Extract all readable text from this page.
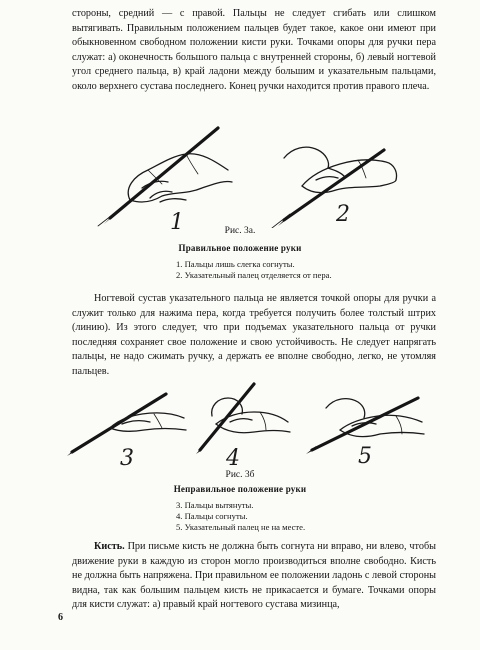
стороны, средний — с правой. Пальцы не следует сгибать или слишком вытягивать. Правильным положением пальцев будет такое, какое они имеют при обыкновенном свободном положении кисти руки. Точками опоры для ручки пера служат: а) оконечность большого пальца с внутренней стороны, б) левый ногтевой угол среднего пальца, в) край ладони между большим и указательным пальцами, около верхнего сустава последнего. Конец ручки находится против правого плеча.

1	2
Рис. 3а.
Правильное положение руки
1. Пальцы лишь слегка согнуты.
2. Указательный палец отделяется от пера.

Ногтевой сустав указательного пальца не является точкой опоры для ручки а служит только для нажима пера, когда требуется получить более толстый штрих (линию). Из этого следует, что при подъемах указательного пальца от ручки последняя сохраняет свое положение и свою устойчивость. Не следует напрягать пальцы, не надо сжимать ручку, а держать ее вполне свободно, легко, не утомляя пальцев.

3	4	5
Рис. 3б
Неправильное положение руки
3. Пальцы вытянуты.
4. Пальцы согнуты.
5. Указательный палец не на месте.

Кисть. При письме кисть не должна быть согнута ни вправо, ни влево, чтобы движение руки в каждую из сторон могло производиться вполне свободно. Кисть не должна быть напряжена. При правильном ее положении ладонь с левой стороны видна, так как большим пальцем кисть не прикасается и бумаге. Точками опоры для кисти служат: а) правый край ногтевого сустава мизинца,

6
